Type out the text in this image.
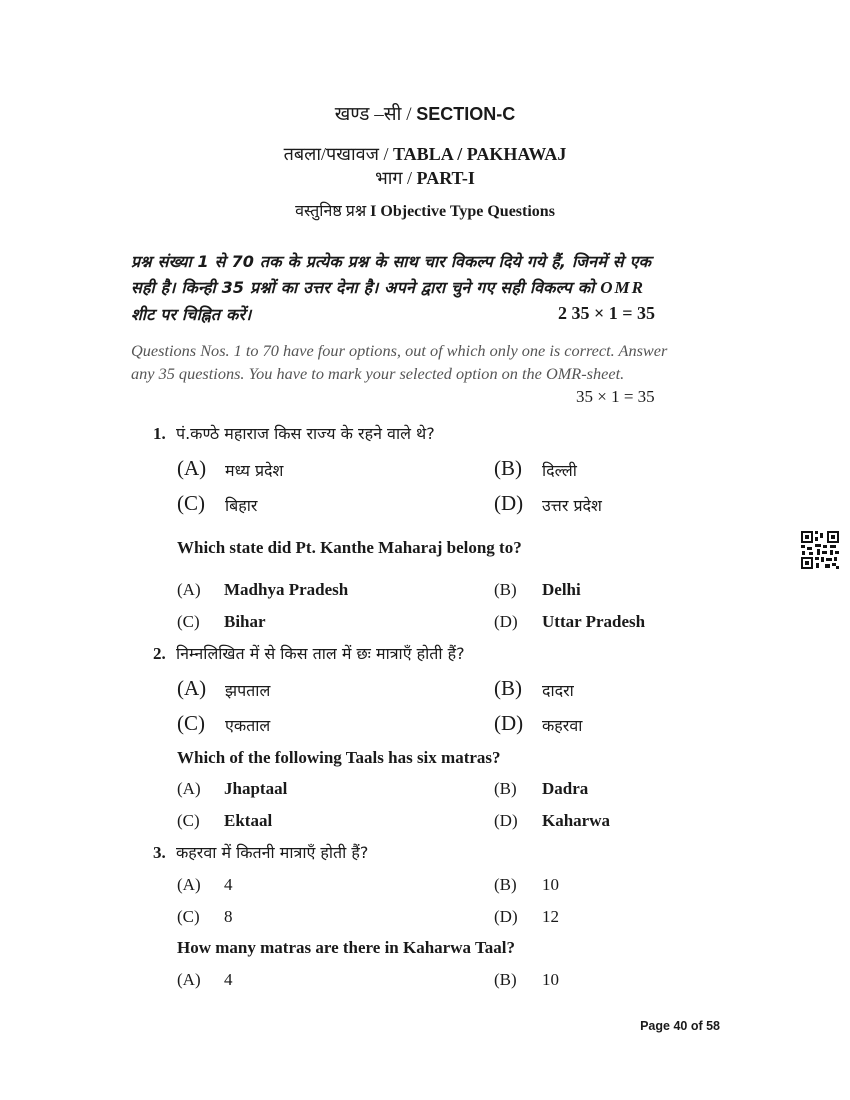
खण्ड –सी / SECTION-C
तबला/पखावज / TABLA / PAKHAWAJ
भाग / PART-I
वस्तुनिष्ठ प्रश्न I Objective Type Questions
प्रश्न संख्या 1 से 70 तक के प्रत्येक प्रश्न के साथ चार विकल्प दिये गये हैं, जिनमें से एक
सही है। किन्ही 35 प्रश्नों का उत्तर देना है। अपने द्वारा चुने गए सही विकल्प को OMR
शीट पर चिह्नित करें।	2 35 × 1 = 35
Questions Nos. 1 to 70 have four options, out of which only one is correct. Answer
any 35 questions. You have to mark your selected option on the OMR-sheet.
35 × 1 = 35
1. पं.कण्ठे महाराज किस राज्य के रहने वाले थे?
(A) मध्य प्रदेश	(B) दिल्ली
(C) बिहार	(D) उत्तर प्रदेश
Which state did Pt. Kanthe Maharaj belong to?
(A) Madhya Pradesh	(B) Delhi
(C) Bihar	(D) Uttar Pradesh
2. निम्नलिखित में से किस ताल में छः मात्राएँ होती हैं?
(A) झपताल	(B) दादरा
(C) एकताल	(D) कहरवा
Which of the following Taals has six matras?
(A) Jhaptaal	(B) Dadra
(C) Ektaal	(D) Kaharwa
3. कहरवा में कितनी मात्राएँ होती हैं?
(A) 4	(B) 10
(C) 8	(D) 12
How many matras are there in Kaharwa Taal?
(A) 4	(B) 10
Page 40 of 58
